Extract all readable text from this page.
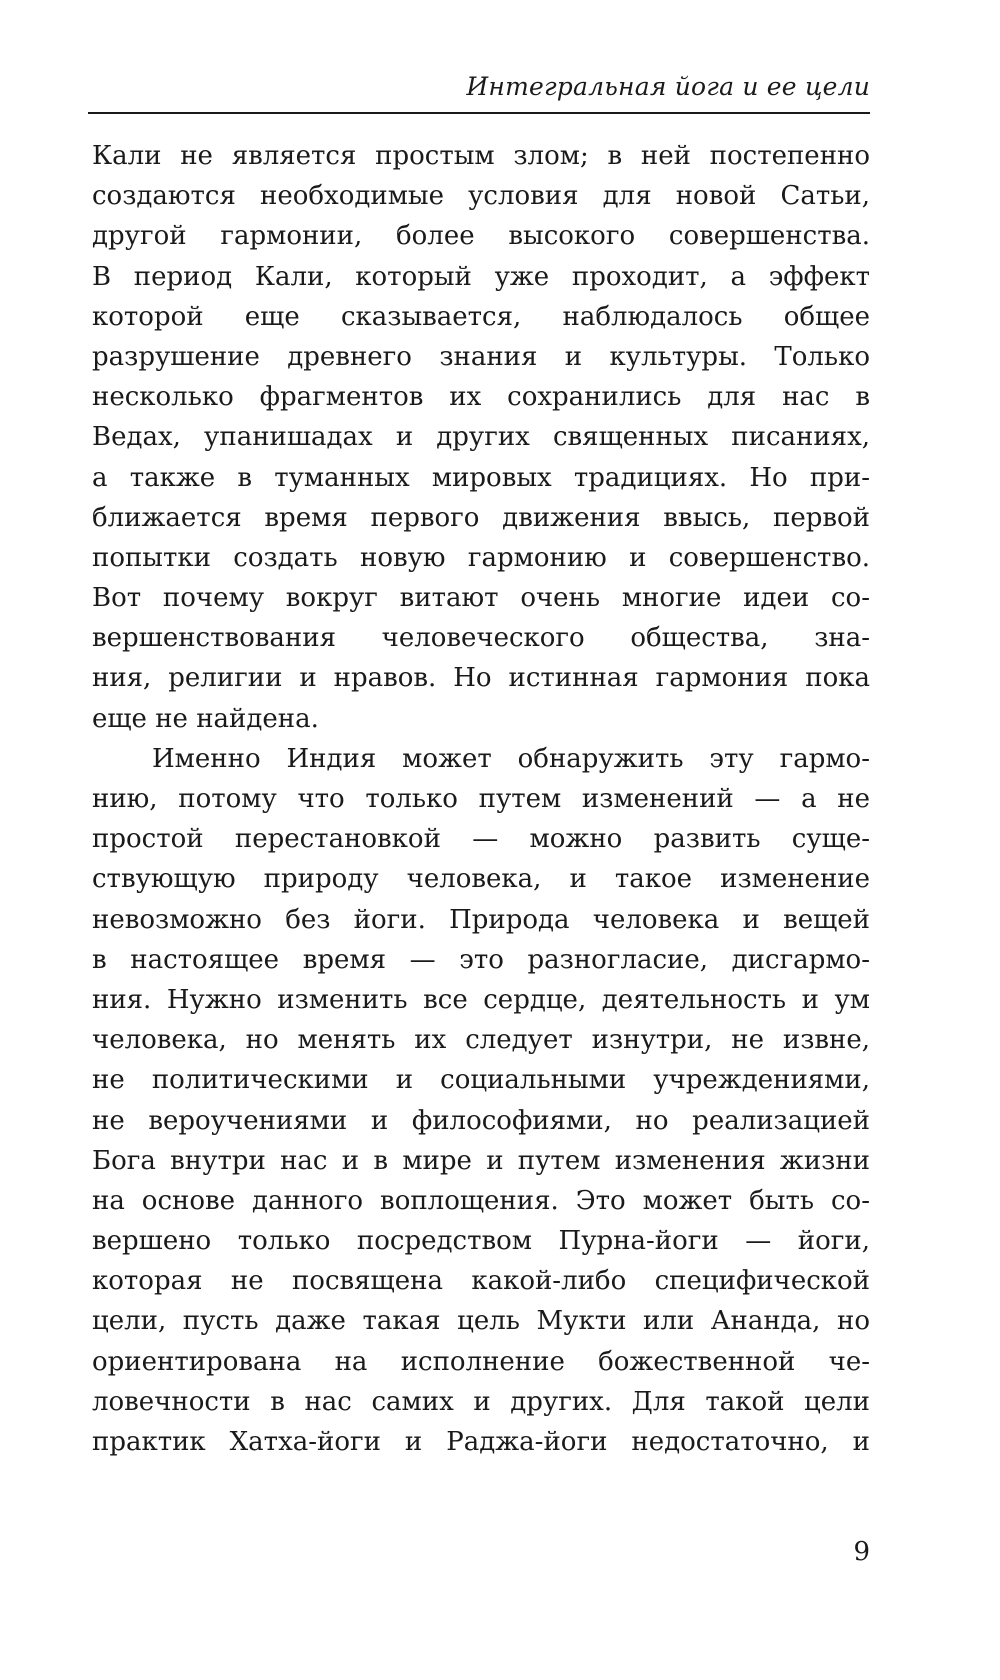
Интегральная йога и ее цели
Кали не является простым злом; в ней постепенно
создаются необходимые условия для новой Сатьи,
другой гармонии, более высокого совершенства.
В период Кали, который уже проходит, а эффект
которой еще сказывается, наблюдалось общее
разрушение древнего знания и культуры. Только
несколько фрагментов их сохранились для нас в
Ведах, упанишадах и других священных писаниях,
а также в туманных мировых традициях. Но при-
ближается время первого движения ввысь, первой
попытки создать новую гармонию и совершенство.
Вот почему вокруг витают очень многие идеи со-
вершенствования человеческого общества, зна-
ния, религии и нравов. Но истинная гармония пока
еще не найдена.
Именно Индия может обнаружить эту гармо-
нию, потому что только путем изменений — а не
простой перестановкой — можно развить суще-
ствующую природу человека, и такое изменение
невозможно без йоги. Природа человека и вещей
в настоящее время — это разногласие, дисгармо-
ния. Нужно изменить все сердце, деятельность и ум
человека, но менять их следует изнутри, не извне,
не политическими и социальными учреждениями,
не вероучениями и философиями, но реализацией
Бога внутри нас и в мире и путем изменения жизни
на основе данного воплощения. Это может быть со-
вершено только посредством Пурна-йоги — йоги,
которая не посвящена какой-либо специфической
цели, пусть даже такая цель Мукти или Ананда, но
ориентирована на исполнение божественной че-
ловечности в нас самих и других. Для такой цели
практик Хатха-йоги и Раджа-йоги недостаточно, и
9
